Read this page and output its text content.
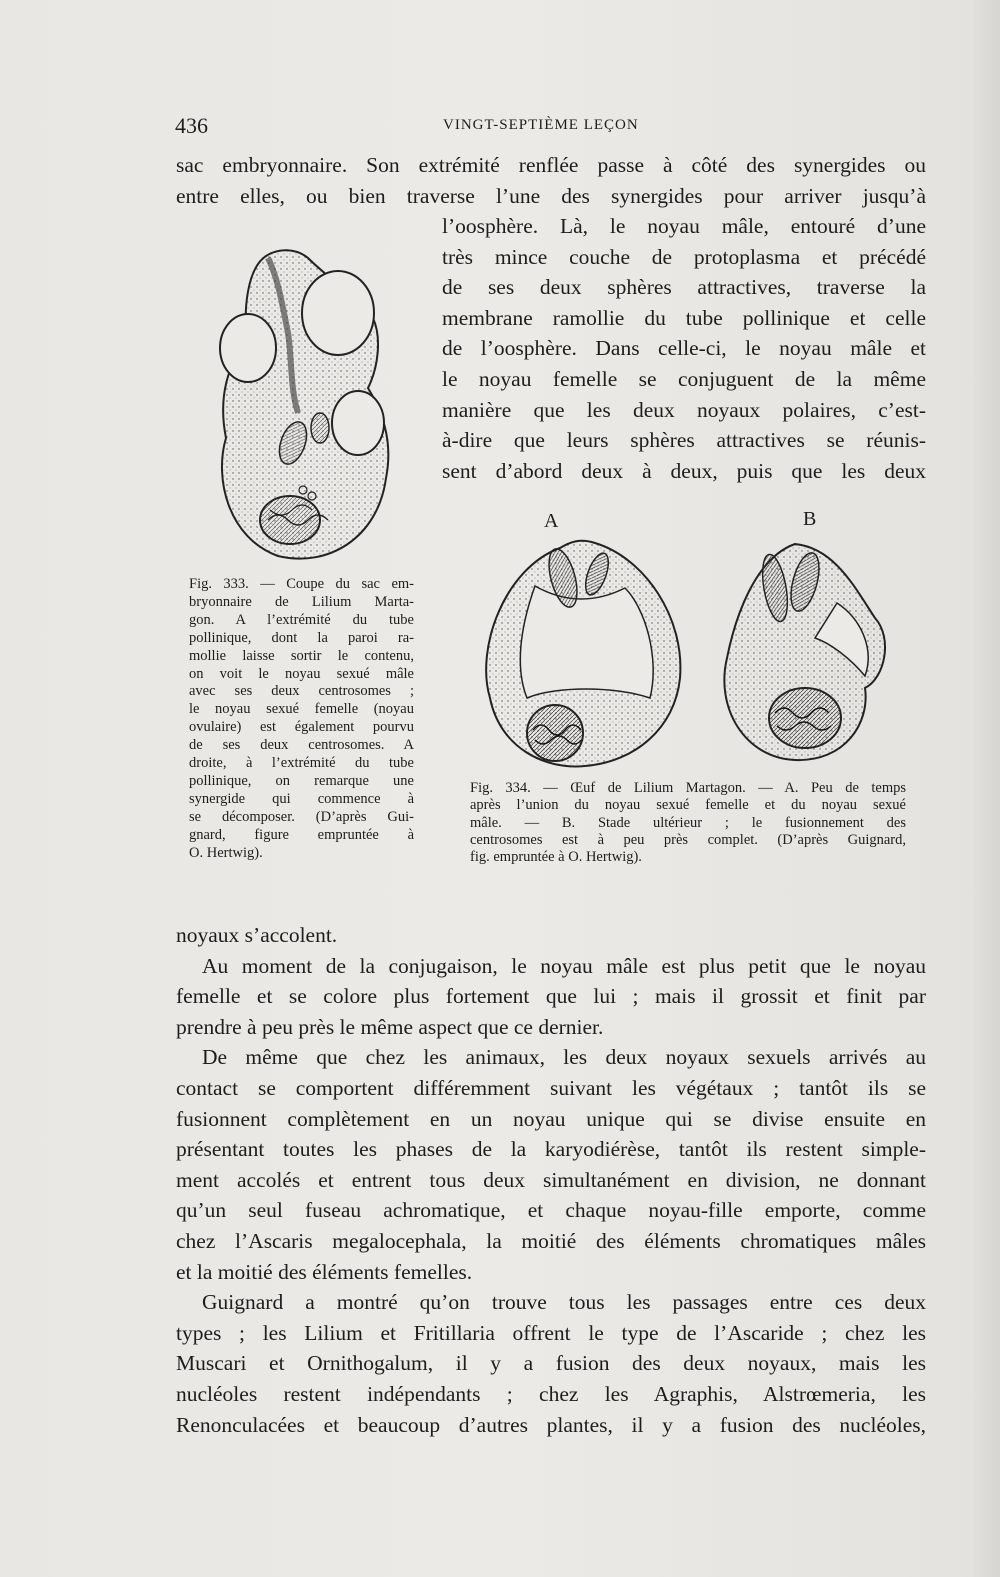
436	VINGT-SEPTIÈME LEÇON
sac embryonnaire. Son extrémité renflée passe à côté des synergides ou
entre elles, ou bien traverse l’une des synergides pour arriver jusqu’à
l’oosphère. Là, le noyau mâle, entouré d’une
très mince couche de protoplasma et précédé
de ses deux sphères attractives, traverse la
membrane ramollie du tube pollinique et celle
de l’oosphère. Dans celle-ci, le noyau mâle et
le noyau femelle se conjuguent de la même
manière que les deux noyaux polaires, c’est-
à-dire que leurs sphères attractives se réunis-
sent d’abord deux à deux, puis que les deux
Fig. 333. — Coupe du sac em-
bryonnaire de Lilium Marta-
gon. A l’extrémité du tube
pollinique, dont la paroi ra-
mollie laisse sortir le contenu,
on voit le noyau sexué mâle
avec ses deux centrosomes ;
le noyau sexué femelle (noyau
ovulaire) est également pourvu
de ses deux centrosomes. A
droite, à l’extrémité du tube
pollinique, on remarque une
synergide qui commence à
se décomposer. (D’après Gui-
gnard, figure empruntée à
O. Hertwig).
A	B
Fig. 334. — Œuf de Lilium Martagon. — A. Peu de temps
après l’union du noyau sexué femelle et du noyau sexué
mâle. — B. Stade ultérieur ; le fusionnement des
centrosomes est à peu près complet. (D’après Guignard,
fig. empruntée à O. Hertwig).
noyaux s’accolent.
Au moment de la conjugaison, le noyau mâle est plus petit que le noyau
femelle et se colore plus fortement que lui ; mais il grossit et finit par
prendre à peu près le même aspect que ce dernier.
De même que chez les animaux, les deux noyaux sexuels arrivés au
contact se comportent différemment suivant les végétaux ; tantôt ils se
fusionnent complètement en un noyau unique qui se divise ensuite en
présentant toutes les phases de la karyodiérèse, tantôt ils restent simple-
ment accolés et entrent tous deux simultanément en division, ne donnant
qu’un seul fuseau achromatique, et chaque noyau-fille emporte, comme
chez l’Ascaris megalocephala, la moitié des éléments chromatiques mâles
et la moitié des éléments femelles.
Guignard a montré qu’on trouve tous les passages entre ces deux
types ; les Lilium et Fritillaria offrent le type de l’Ascaride ; chez les
Muscari et Ornithogalum, il y a fusion des deux noyaux, mais les
nucléoles restent indépendants ; chez les Agraphis, Alstrœmeria, les
Renonculacées et beaucoup d’autres plantes, il y a fusion des nucléoles,
